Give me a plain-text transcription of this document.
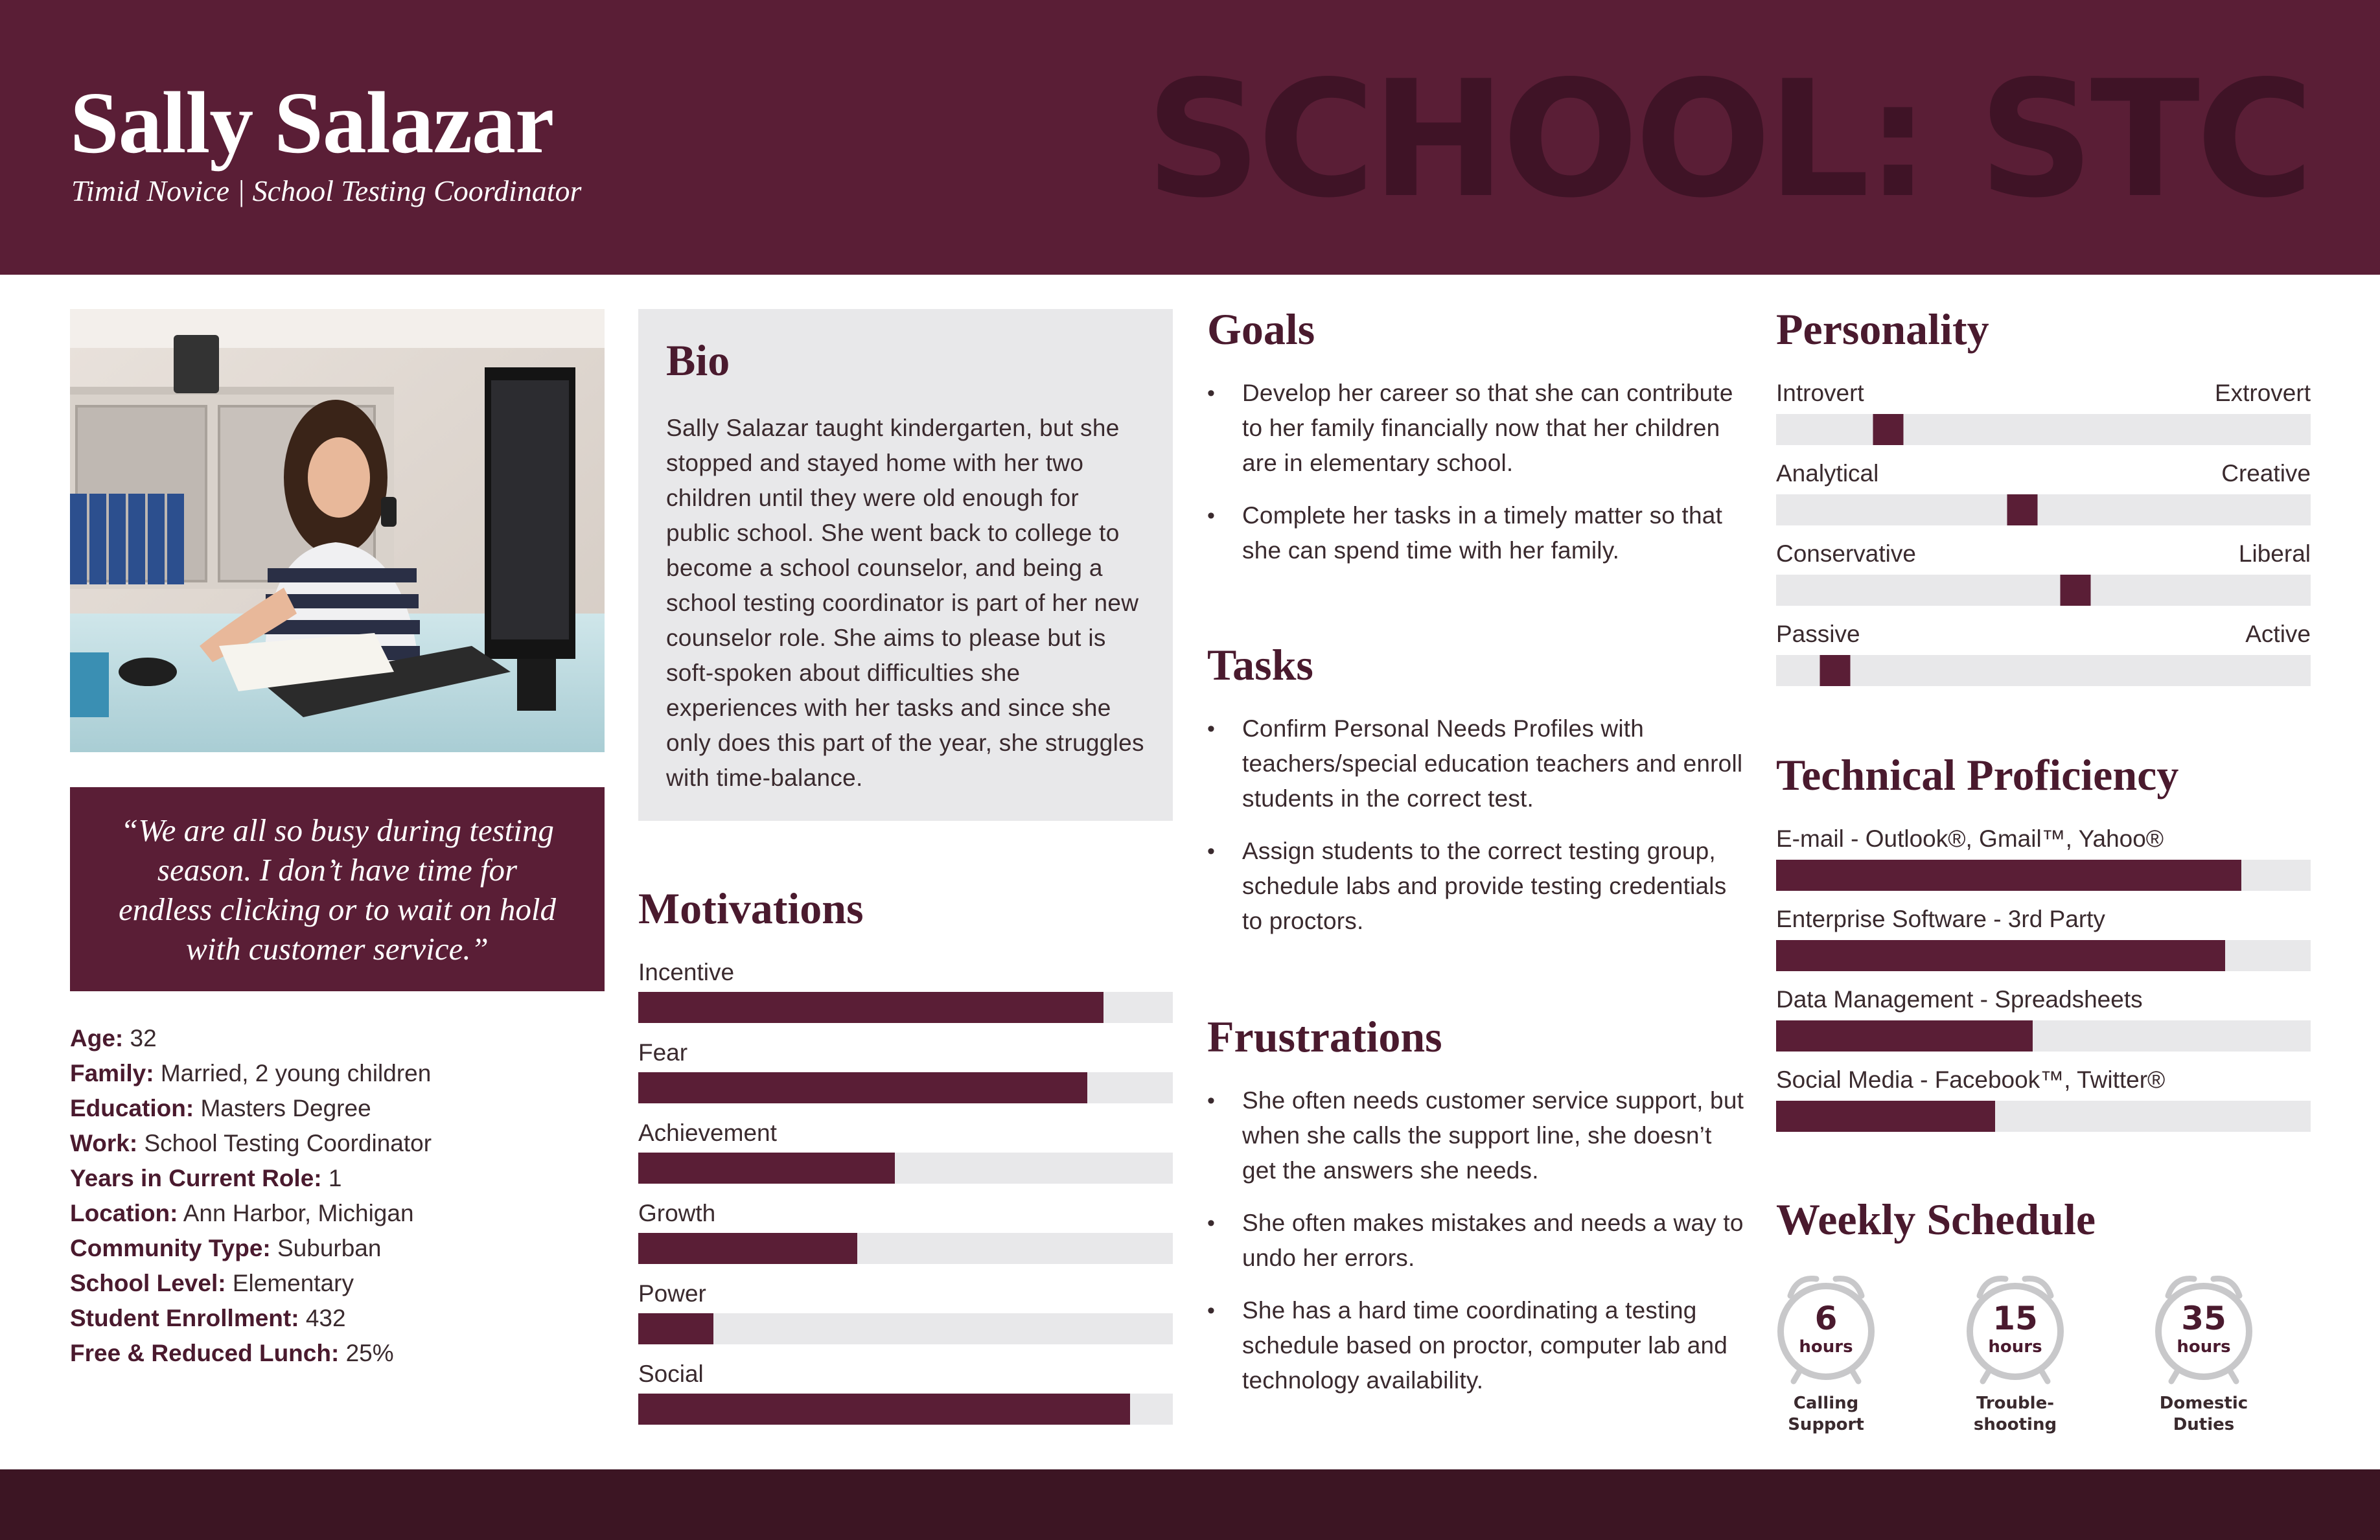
Sally Salazar
Timid Novice | School Testing Coordinator	SCHOOL: STC
“We are all so busy during testing season. I don’t have time for endless clicking or to wait on hold with customer service.”
Age: 32
Family: Married, 2 young children
Education: Masters Degree
Work: School Testing Coordinator
Years in Current Role: 1
Location: Ann Harbor, Michigan
Community Type: Suburban
School Level: Elementary
Student Enrollment: 432
Free & Reduced Lunch: 25%
Bio

Sally Salazar taught kindergarten, but she stopped and stayed home with her two children until they were old enough for public school. She went back to college to become a school counselor, and being a school testing coordinator is part of her new counselor role. She aims to please but is soft-spoken about difficulties she experiences with her tasks and since she only does this part of the year, she struggles with time-balance.

Motivations
Incentive
Fear
Achievement
Growth
Power
Social
Goals
• Develop her career so that she can contribute to her family financially now that her children are in elementary school.
• Complete her tasks in a timely matter so that she can spend time with her family.
Tasks
• Confirm Personal Needs Profiles with teachers/special education teachers and enroll students in the correct test.
• Assign students to the correct testing group, schedule labs and provide testing credentials to proctors.
Frustrations
• She often needs customer service support, but when she calls the support line, she doesn’t get the answers she needs.
• She often makes mistakes and needs a way to undo her errors.
• She has a hard time coordinating a testing schedule based on proctor, computer lab and technology availability.
Personality
Introvert	Extrovert
Analytical	Creative
Conservative	Liberal
Passive	Active
Technical Proficiency
E-mail - Outlook®, Gmail™, Yahoo®
Enterprise Software - 3rd Party
Data Management - Spreadsheets
Social Media - Facebook™, Twitter®
Weekly Schedule
6
hours
Calling
Support
15
hours
Trouble-
shooting
35
hours
Domestic
Duties
